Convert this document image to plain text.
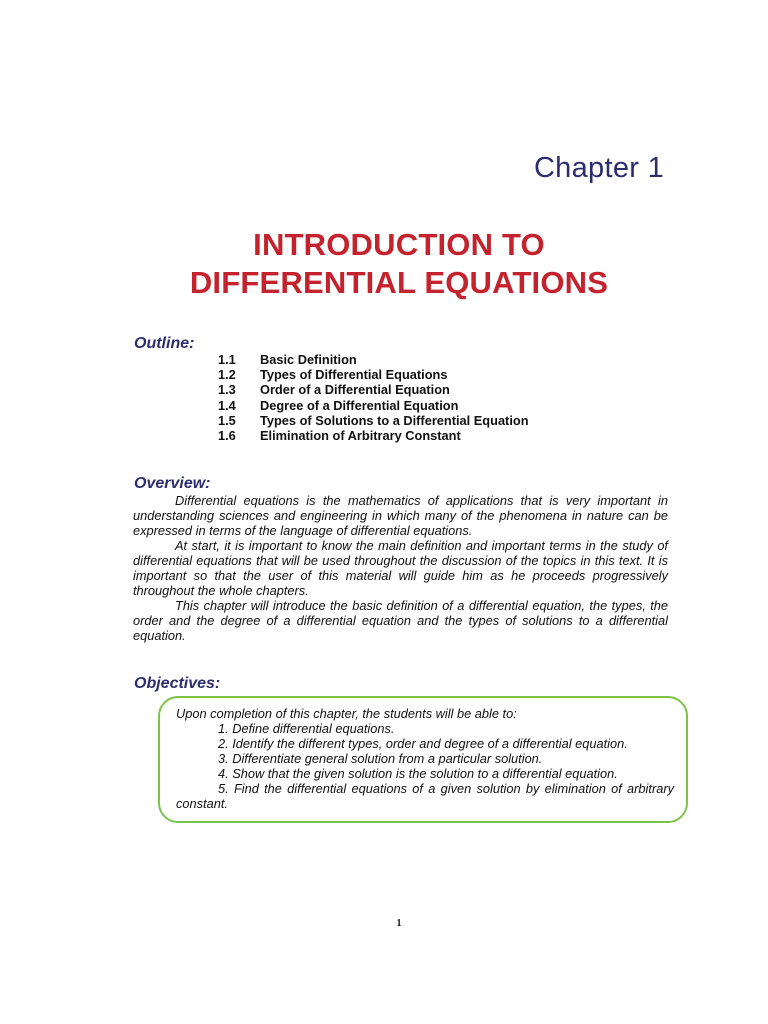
Chapter 1
INTRODUCTION TO
DIFFERENTIAL EQUATIONS
Outline:
1.1	Basic Definition
1.2	Types of Differential Equations
1.3	Order of a Differential Equation
1.4	Degree of a Differential Equation
1.5	Types of Solutions to a Differential Equation
1.6	Elimination of Arbitrary Constant
Overview:

Differential equations is the mathematics of applications that is very important in understanding sciences and engineering in which many of the phenomena in nature can be expressed in terms of the language of differential equations.

At start, it is important to know the main definition and important terms in the study of differential equations that will be used throughout the discussion of the topics in this text. It is important so that the user of this material will guide him as he proceeds progressively throughout the whole chapters.

This chapter will introduce the basic definition of a differential equation, the types, the order and the degree of a differential equation and the types of solutions to a differential equation.

Objectives:
Upon completion of this chapter, the students will be able to:
1. Define differential equations.
2. Identify the different types, order and degree of a differential equation.
3. Differentiate general solution from a particular solution.
4. Show that the given solution is the solution to a differential equation.
5. Find the differential equations of a given solution by elimination of arbitrary constant.
1
